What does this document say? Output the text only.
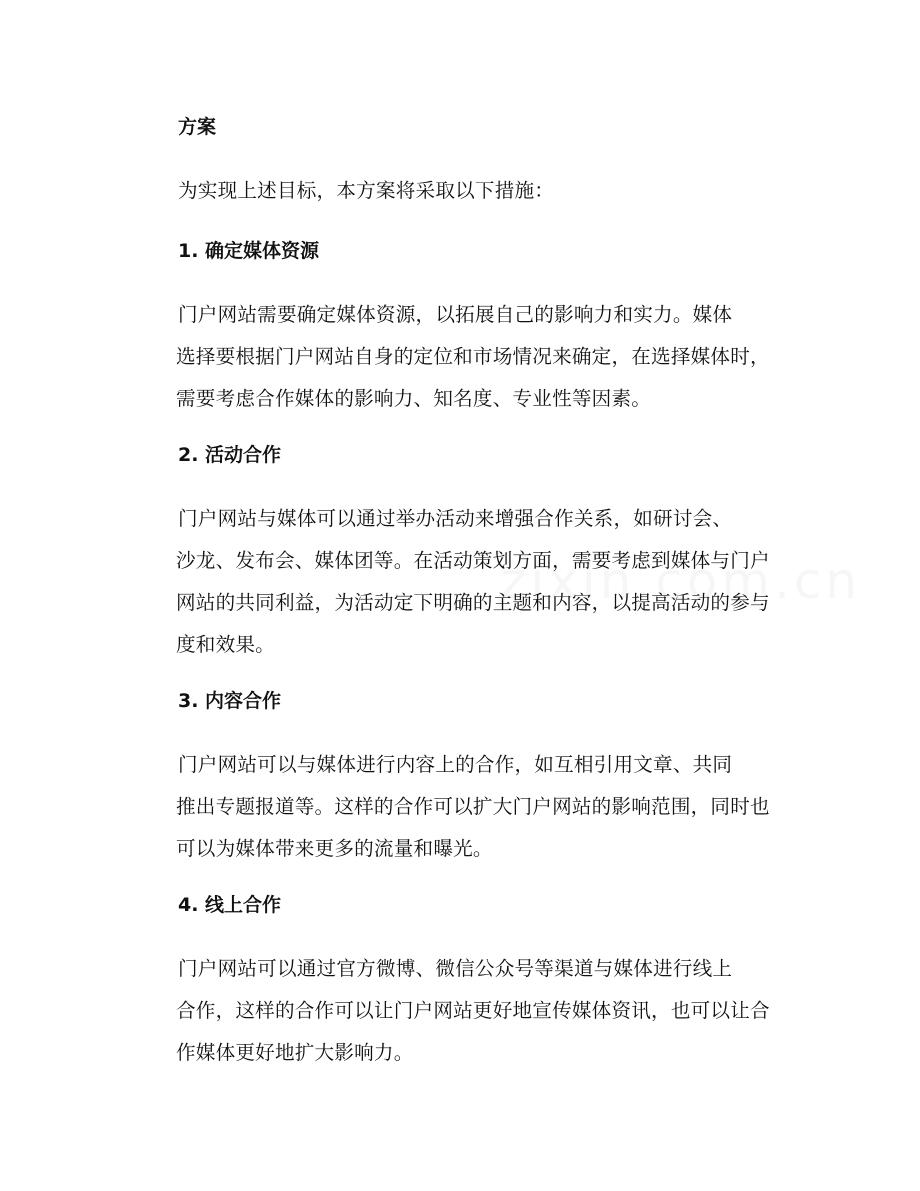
方案
为实现上述目标，本方案将采取以下措施：
1. 确定媒体资源
门户网站需要确定媒体资源，以拓展自己的影响力和实力。媒体
选择要根据门户网站自身的定位和市场情况来确定，在选择媒体时，
需要考虑合作媒体的影响力、知名度、专业性等因素。
2. 活动合作
门户网站与媒体可以通过举办活动来增强合作关系，如研讨会、
沙龙、发布会、媒体团等。在活动策划方面，需要考虑到媒体与门户
网站的共同利益，为活动定下明确的主题和内容，以提高活动的参与
度和效果。
3. 内容合作
门户网站可以与媒体进行内容上的合作，如互相引用文章、共同
推出专题报道等。这样的合作可以扩大门户网站的影响范围，同时也
可以为媒体带来更多的流量和曝光。
4. 线上合作
门户网站可以通过官方微博、微信公众号等渠道与媒体进行线上
合作，这样的合作可以让门户网站更好地宣传媒体资讯，也可以让合
作媒体更好地扩大影响力。
